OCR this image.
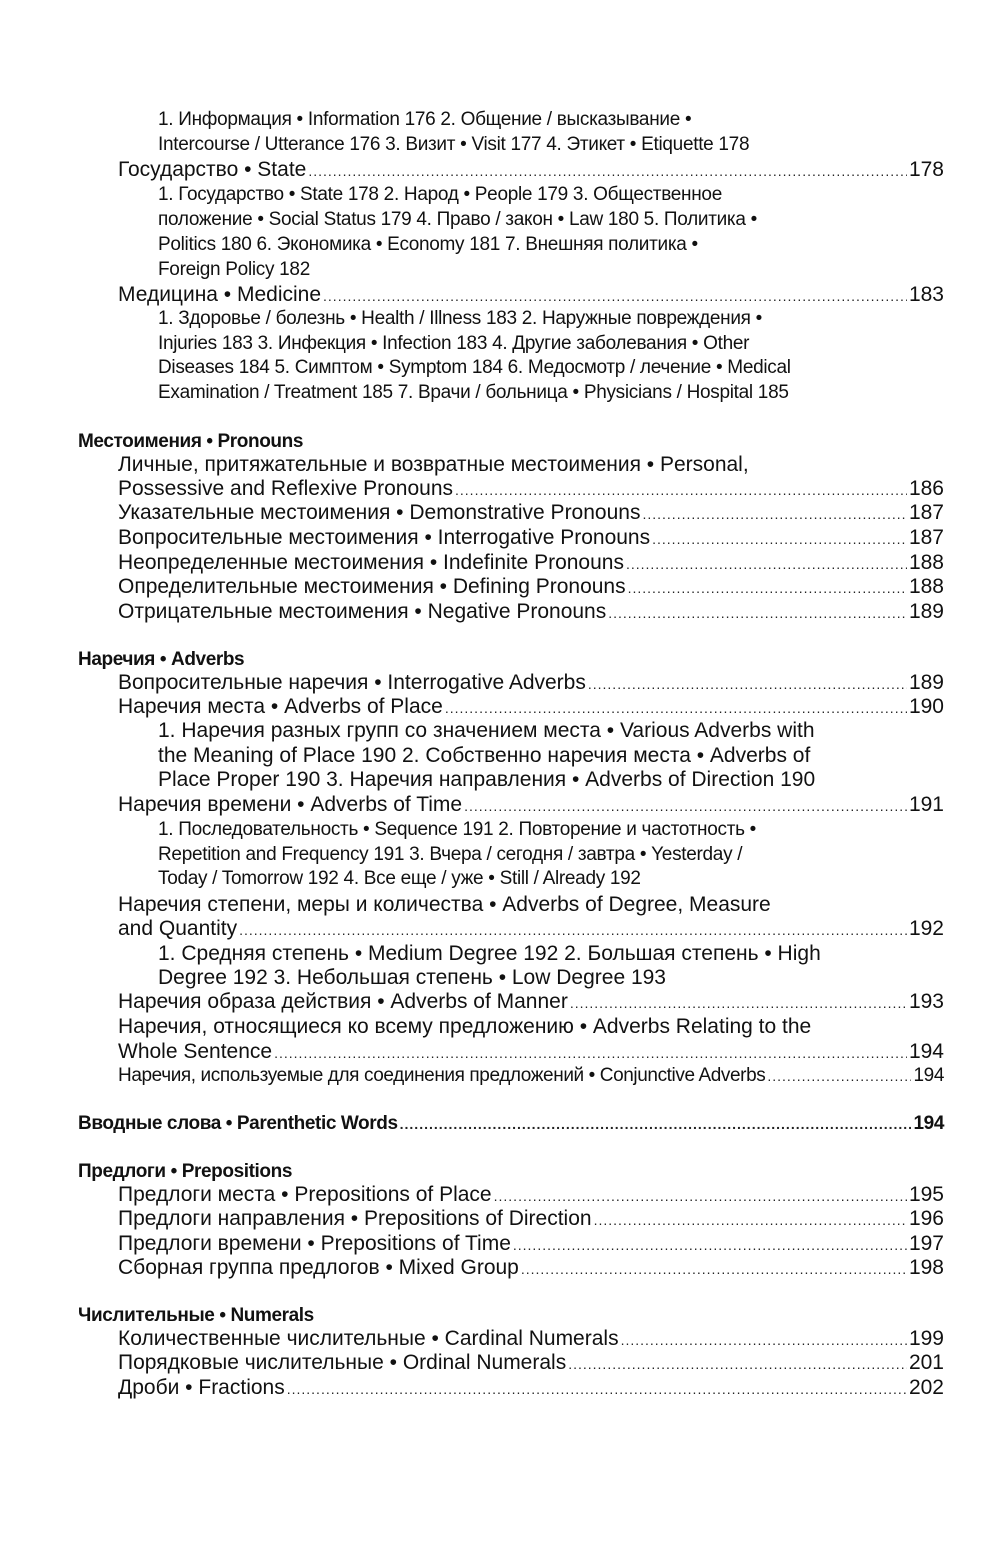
1. Информация • Information 176 2. Общение / высказывание •
Intercourse / Utterance 176 3. Визит • Visit 177 4. Этикет • Etiquette 178
Государство • State .....	178
1. Государство • State 178 2. Народ • People 179 3. Общественное
положение • Social Status 179 4. Право / закон • Law 180 5. Политика •
Politics 180 6. Экономика • Economy 181 7. Внешняя политика •
Foreign Policy 182
Медицина • Medicine .....	183
1. Здоровье / болезнь • Health / Illness 183 2. Наружные повреждения •
Injuries 183 3. Инфекция • Infection 183 4. Другие заболевания • Other
Diseases 184 5. Симптом • Symptom 184 6. Медосмотр / лечение • Medical
Examination / Treatment 185 7. Врачи / больница • Physicians / Hospital 185
Местоимения • Pronouns
Личные, притяжательные и возвратные местоимения • Personal,
Possessive and Reflexive Pronouns .....	186
Указательные местоимения • Demonstrative Pronouns .....	187
Вопросительные местоимения • Interrogative Pronouns .....	187
Неопределенные местоимения • Indefinite Pronouns .....	188
Определительные местоимения • Defining Pronouns .....	188
Отрицательные местоимения • Negative Pronouns .....	189
Наречия • Adverbs
Вопросительные наречия • Interrogative Adverbs .....	189
Наречия места • Adverbs of Place .....	190
1. Наречия разных групп со значением места • Various Adverbs with
the Meaning of Place 190 2. Собственно наречия места • Adverbs of
Place Proper 190 3. Наречия направления • Adverbs of Direction 190
Наречия времени • Adverbs of Time .....	191
1. Последовательность • Sequence 191 2. Повторение и частотность •
Repetition and Frequency 191 3. Вчера / сегодня / завтра • Yesterday /
Today / Tomorrow 192 4. Все еще / уже • Still / Already 192
Наречия степени, меры и количества • Adverbs of Degree, Measure
and Quantity .....	192
1. Средняя степень • Medium Degree 192 2. Большая степень • High
Degree 192 3. Небольшая степень • Low Degree 193
Наречия образа действия • Adverbs of Manner .....	193
Наречия, относящиеся ко всему предложению • Adverbs Relating to the
Whole Sentence .....	194
Наречия, используемые для соединения предложений • Conjunctive Adverbs .....	194
Вводные слова • Parenthetic Words .....	194
Предлоги • Prepositions
Предлоги места • Prepositions of Place .....	195
Предлоги направления • Prepositions of Direction .....	196
Предлоги времени • Prepositions of Time .....	197
Сборная группа предлогов • Mixed Group .....	198
Числительные • Numerals
Количественные числительные • Cardinal Numerals .....	199
Порядковые числительные • Ordinal Numerals .....	201
Дроби • Fractions .....	202
